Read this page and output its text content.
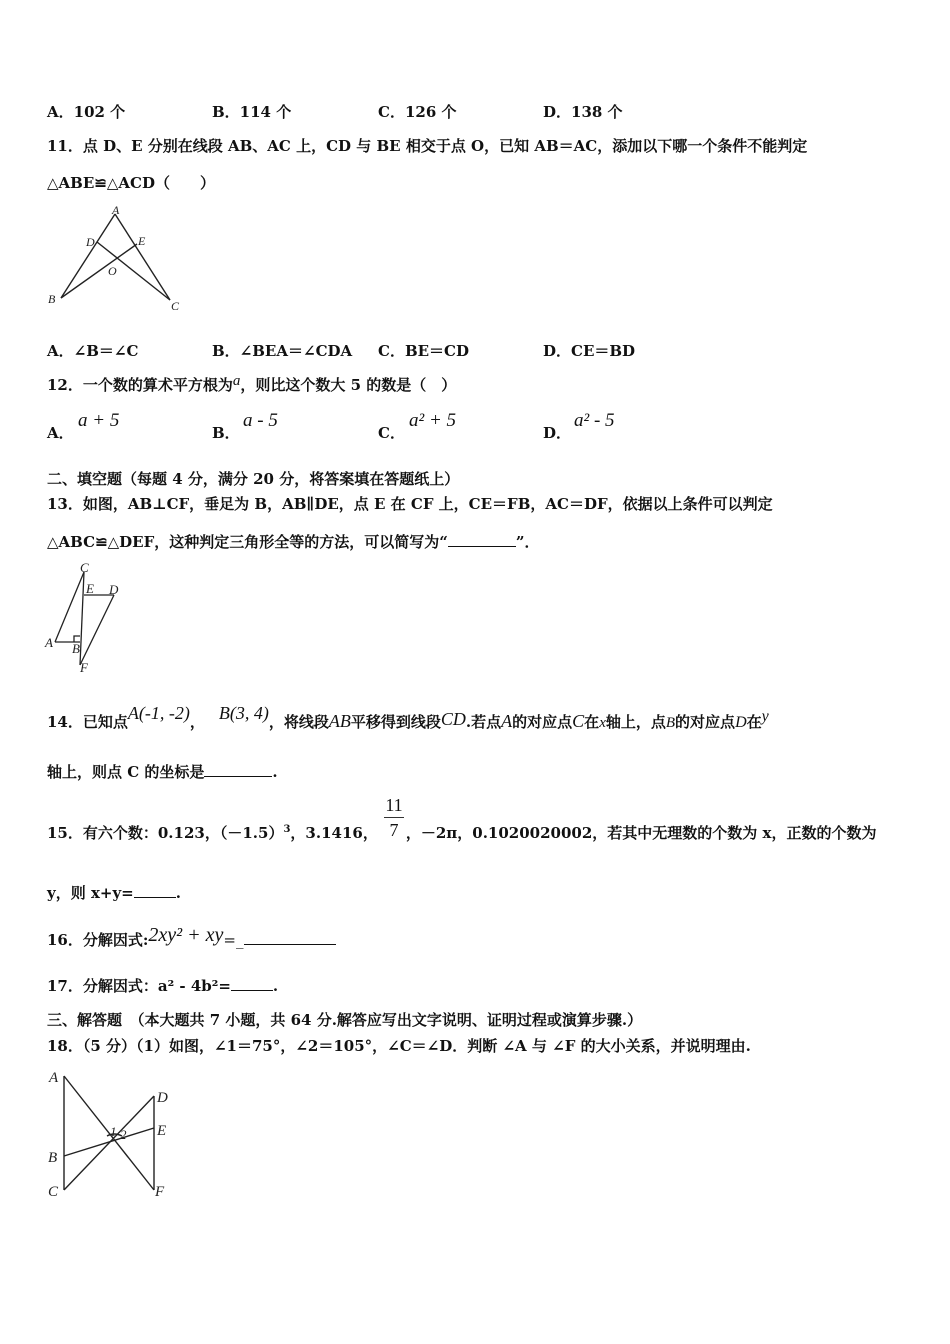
A．102 个	B．114 个	C．126 个	D．138 个
11．点 D、E 分别在线段 AB、AC 上，CD 与 BE 相交于点 O，已知 AB＝AC，添加以下哪一个条件不能判定
△ABE≌△ACD（　　）
A
D	E
O
B	C
A．∠B＝∠C	B．∠BEA＝∠CDA C．BE＝CD	D．CE＝BD
12．一个数的算术平方根为a，则比这个数大 5 的数是（　）
A．
a + 5
B．
a - 5
C．
a² + 5
D．
a² - 5
二、填空题（每题 4 分，满分 20 分，将答案填在答题纸上）
13．如图，AB⊥CF，垂足为 B，AB∥DE，点 E 在 CF 上，CE＝FB，AC＝DF，依据以上条件可以判定
△ABC≌△DEF，这种判定三角形全等的方法，可以简写为“	”．
C
E D
A B
F
14．已知点A(-1, -2)， B(3, 4)，将线段AB平移得到线段CD.若点A的对应点C在x轴上，点B的对应点D在y
轴上，则点 C 的坐标是	.
15．有六个数：0.123，$(-1.5)^3$，3.1416， ，－2π，0.1020020002，若其中无理数的个数为 x，正数的个数为
11
7
y，则 x+y=	.
16．分解因式:2xy² + xy=_
17．分解因式：a² - 4b²=	.
三、解答题　（本大题共 7 小题，共 64 分.解答应写出文字说明、证明过程或演算步骤.）
18．（5 分）（1）如图，∠1＝75°，∠2＝105°，∠C＝∠D．判断 ∠A 与 ∠F 的大小关系，并说明理由.
A
D
E
B
C	F
1 2
